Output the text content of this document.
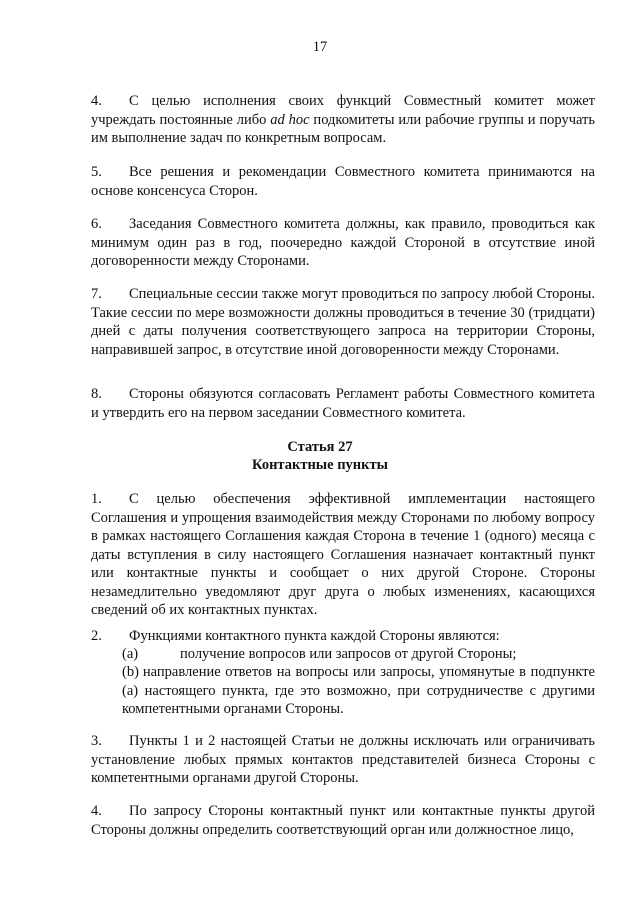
17

4. С целью исполнения своих функций Совместный комитет может учреждать постоянные либо ad hoc подкомитеты или рабочие группы и поручать им выполнение задач по конкретным вопросам.

5. Все решения и рекомендации Совместного комитета принимаются на основе консенсуса Сторон.

6. Заседания Совместного комитета должны, как правило, проводиться как минимум один раз в год, поочередно каждой Стороной в отсутствие иной договоренности между Сторонами.

7. Специальные сессии также могут проводиться по запросу любой Стороны. Такие сессии по мере возможности должны проводиться в течение 30 (тридцати) дней с даты получения соответствующего запроса на территории Стороны, направившей запрос, в отсутствие иной договоренности между Сторонами.

8. Стороны обязуются согласовать Регламент работы Совместного комитета и утвердить его на первом заседании Совместного комитета.

Статья 27

Контактные пункты

1. С целью обеспечения эффективной имплементации настоящего Соглашения и упрощения взаимодействия между Сторонами по любому вопросу в рамках настоящего Соглашения каждая Сторона в течение 1 (одного) месяца с даты вступления в силу настоящего Соглашения назначает контактный пункт или контактные пункты и сообщает о них другой Стороне. Стороны незамедлительно уведомляют друг друга о любых изменениях, касающихся сведений об их контактных пунктах.

2. Функциями контактного пункта каждой Стороны являются:

(a)	получение вопросов или запросов от другой Стороны;

(b) направление ответов на вопросы или запросы, упомянутые в подпункте (a) настоящего пункта, где это возможно, при сотрудничестве с другими компетентными органами Стороны.

3. Пункты 1 и 2 настоящей Статьи не должны исключать или ограничивать установление любых прямых контактов представителей бизнеса Стороны с компетентными органами другой Стороны.

4. По запросу Стороны контактный пункт или контактные пункты другой Стороны должны определить соответствующий орган или должностное лицо,
